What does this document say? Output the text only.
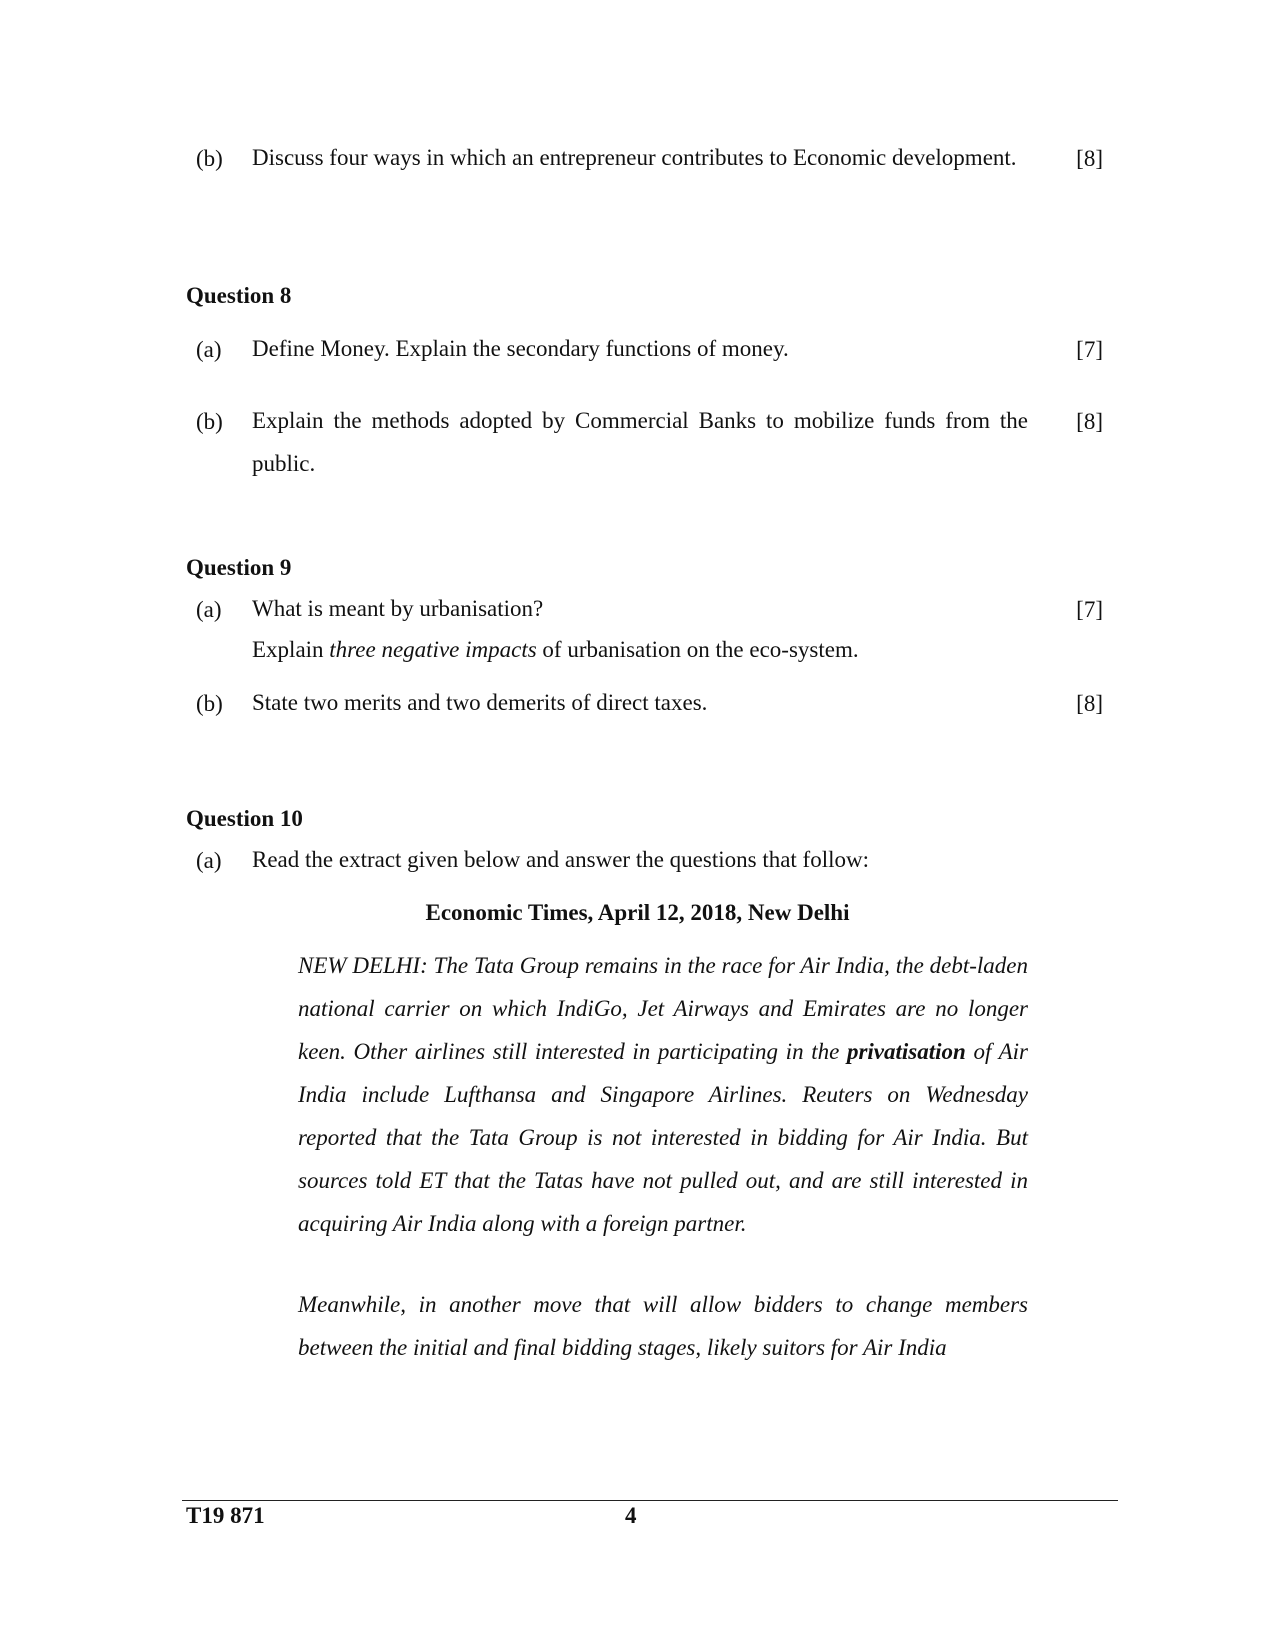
(b) Discuss four ways in which an entrepreneur contributes to Economic development.	[8]
Question 8
(a) Define Money. Explain the secondary functions of money.	[7]
(b) Explain the methods adopted by Commercial Banks to mobilize funds from the public.
[8]
Question 9
(a) What is meant by urbanisation?
Explain three negative impacts of urbanisation on the eco-system.
[7]
(b) State two merits and two demerits of direct taxes.	[8]
Question 10
(a) Read the extract given below and answer the questions that follow:
Economic Times, April 12, 2018, New Delhi
NEW DELHI: The Tata Group remains in the race for Air India, the debt-laden national carrier on which IndiGo, Jet Airways and Emirates are no longer keen. Other airlines still interested in participating in the privatisation of Air India include Lufthansa and Singapore Airlines. Reuters on Wednesday reported that the Tata Group is not interested in bidding for Air India. But sources told ET that the Tatas have not pulled out, and are still interested in acquiring Air India along with a foreign partner.
Meanwhile, in another move that will allow bidders to change members between the initial and final bidding stages, likely suitors for Air India
T19 871	4
